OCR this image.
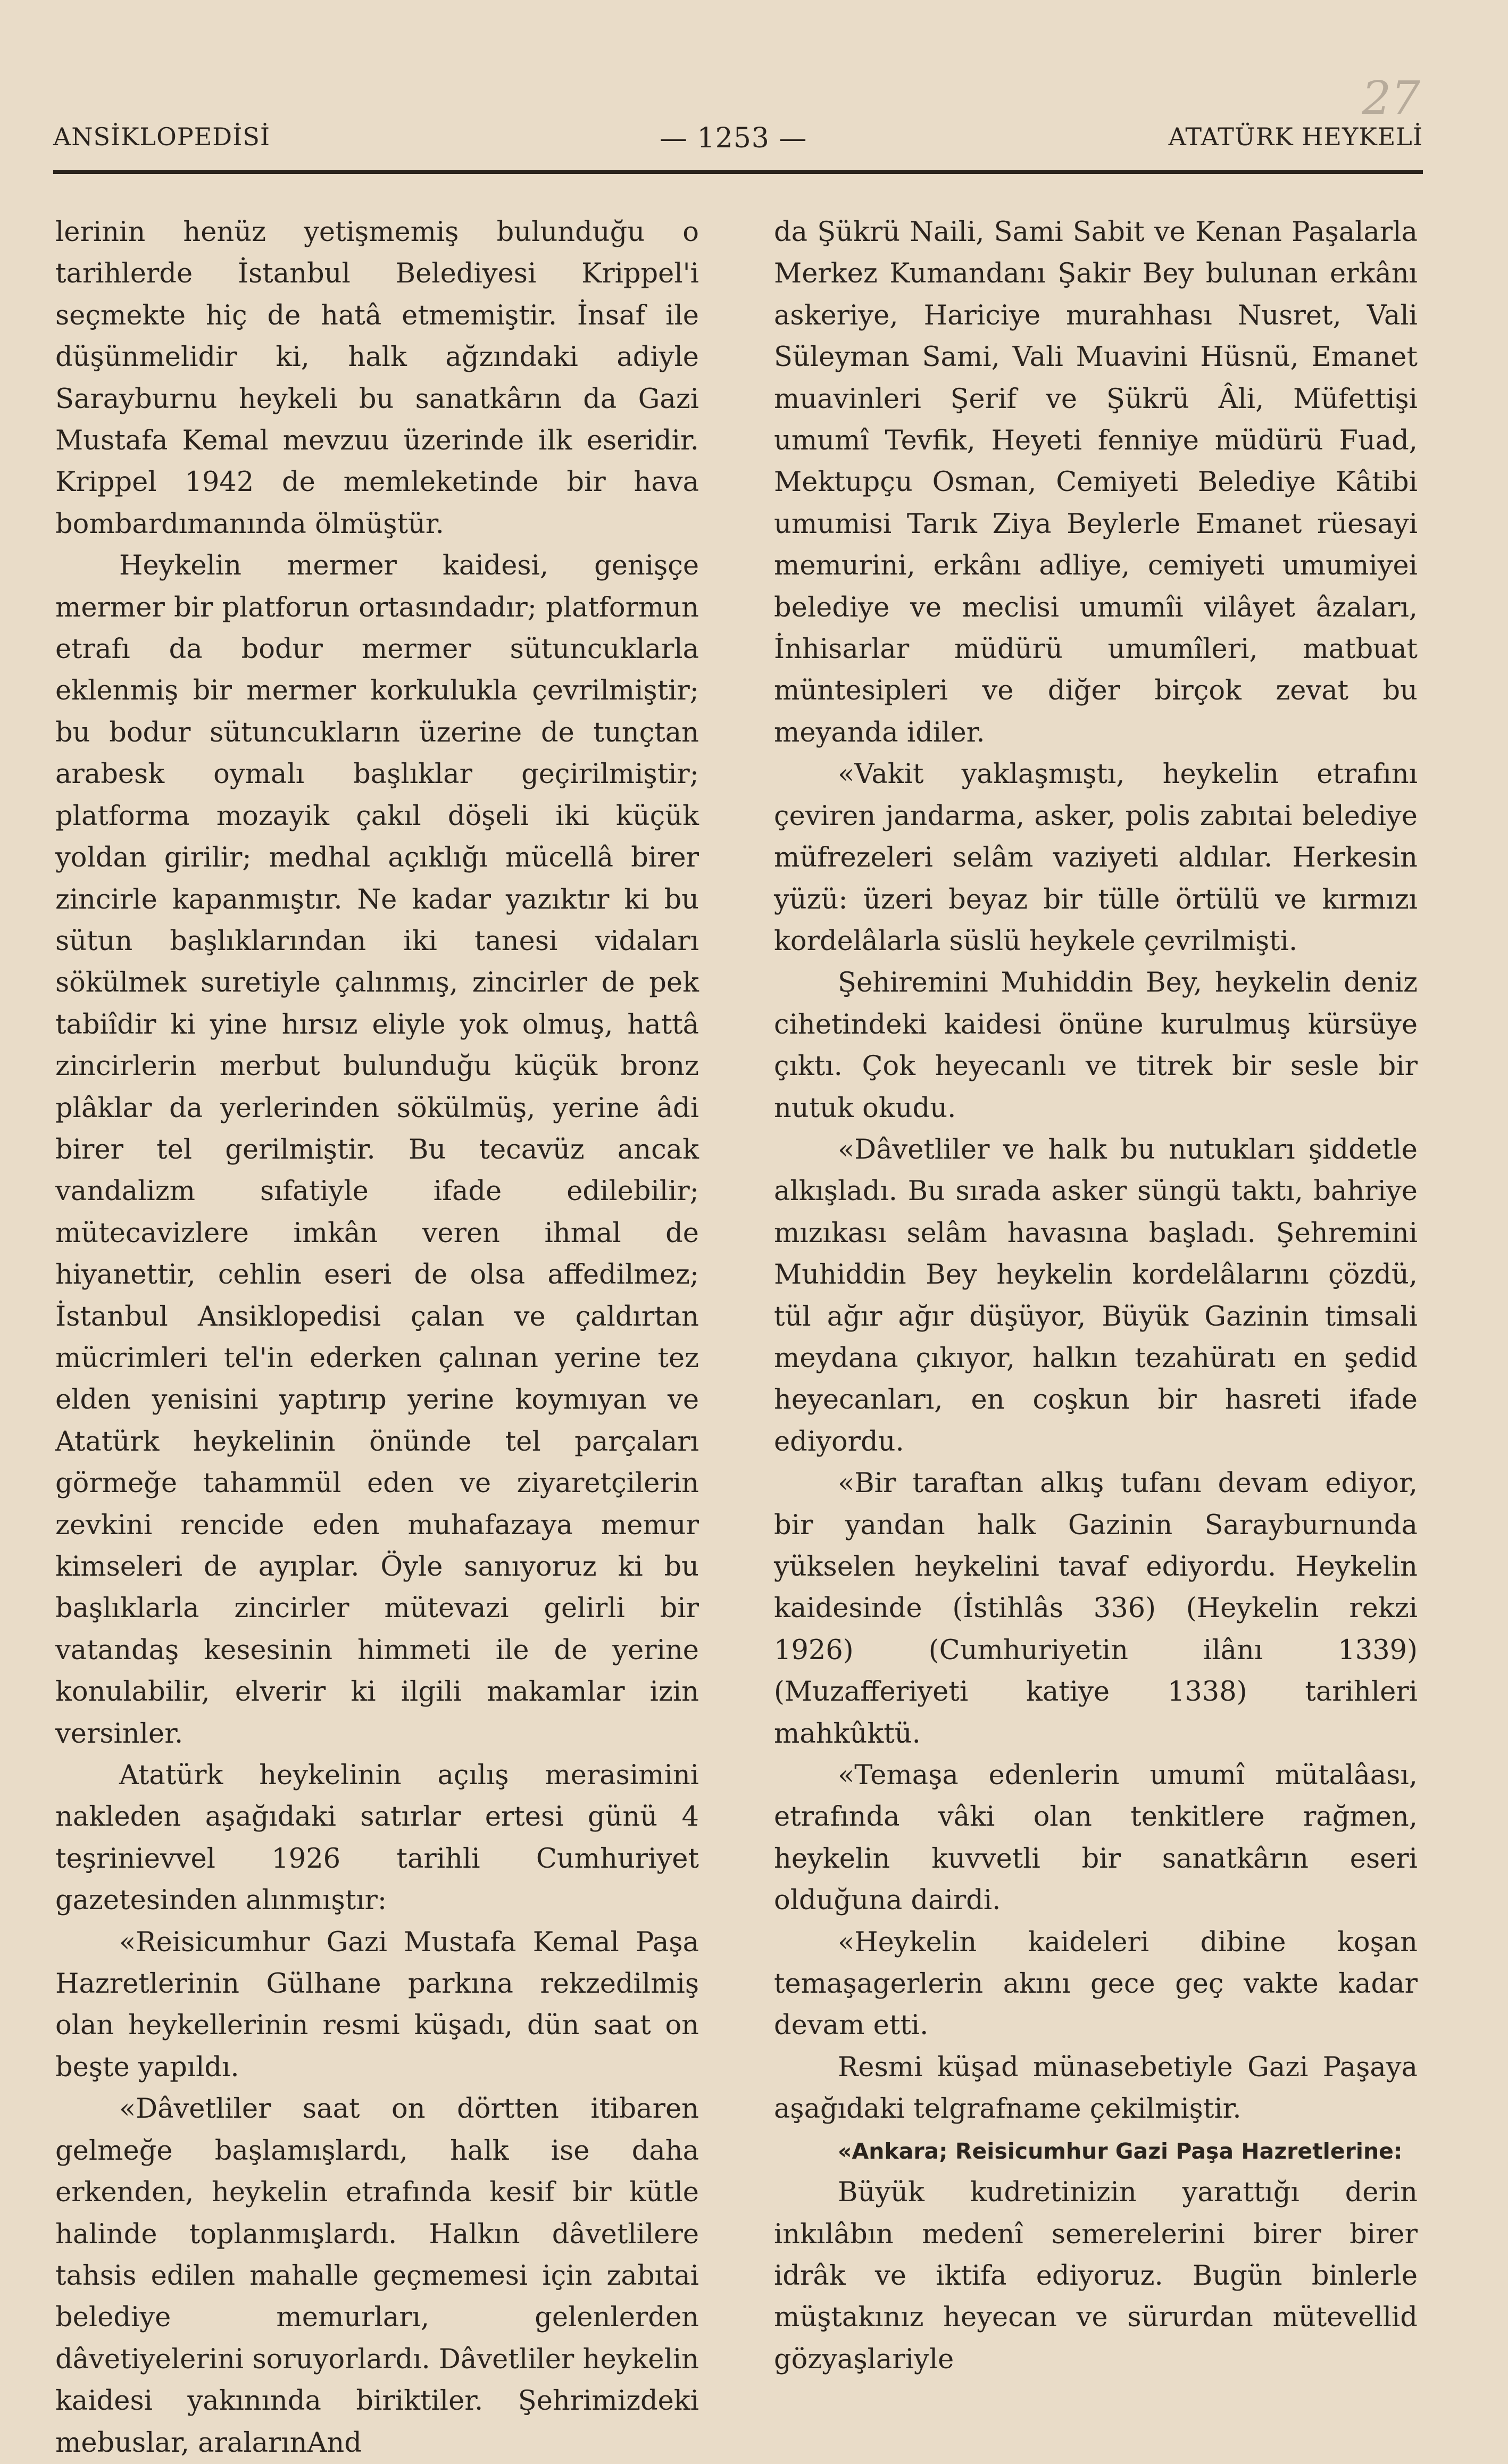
27
ANSİKLOPEDİSİ	— 1253 —	ATATÜRK HEYKELİ

lerinin henüz yetişmemiş bulunduğu o tarihlerde İstanbul Belediyesi Krippel'i seçmekte hiç de hatâ etmemiştir. İnsaf ile düşünmelidir ki, halk ağzındaki adiyle Sarayburnu heykeli bu sanatkârın da Gazi Mustafa Kemal mevzuu üzerinde ilk eseridir. Krippel 1942 de memleketinde bir hava bombardımanında ölmüştür.

Heykelin mermer kaidesi, genişçe mermer bir platforun ortasındadır; platformun etrafı da bodur mermer sütuncuklarla eklenmiş bir mermer korkulukla çevrilmiştir; bu bodur sütuncukların üzerine de tunçtan arabesk oymalı başlıklar geçirilmiştir; platforma mozayik çakıl döşeli iki küçük yoldan girilir; medhal açıklığı mücellâ birer zincirle kapanmıştır. Ne kadar yazıktır ki bu sütun başlıklarından iki tanesi vidaları sökülmek suretiyle çalınmış, zincirler de pek tabiîdir ki yine hırsız eliyle yok olmuş, hattâ zincirlerin merbut bulunduğu küçük bronz plâklar da yerlerinden sökülmüş, yerine âdi birer tel gerilmiştir. Bu tecavüz ancak vandalizm sıfatiyle ifade edilebilir; mütecavizlere imkân veren ihmal de hiyanettir, cehlin eseri de olsa affedilmez; İstanbul Ansiklopedisi çalan ve çaldırtan mücrimleri tel'in ederken çalınan yerine tez elden yenisini yaptırıp yerine koymıyan ve Atatürk heykelinin önünde tel parçaları görmeğe tahammül eden ve ziyaretçilerin zevkini rencide eden muhafazaya memur kimseleri de ayıplar. Öyle sanıyoruz ki bu başlıklarla zincirler mütevazi gelirli bir vatandaş kesesinin himmeti ile de yerine konulabilir, elverir ki ilgili makamlar izin versinler.

Atatürk heykelinin açılış merasimini nakleden aşağıdaki satırlar ertesi günü 4 teşrinievvel 1926 tarihli Cumhuriyet gazetesinden alınmıştır:

«Reisicumhur Gazi Mustafa Kemal Paşa Hazretlerinin Gülhane parkına rekzedilmiş olan heykellerinin resmi küşadı, dün saat on beşte yapıldı.

«Dâvetliler saat on dörtten itibaren gelmeğe başlamışlardı, halk ise daha erkenden, heykelin etrafında kesif bir kütle halinde toplanmışlardı. Halkın dâvetlilere tahsis edilen mahalle geçmemesi için zabıtai belediye memurları, gelenlerden dâvetiyelerini soruyorlardı. Dâvetliler heykelin kaidesi yakınında biriktiler. Şehrimizdeki mebuslar, aralarınAnd

da Şükrü Naili, Sami Sabit ve Kenan Paşalarla Merkez Kumandanı Şakir Bey bulunan erkânı askeriye, Hariciye murahhası Nusret, Vali Süleyman Sami, Vali Muavini Hüsnü, Emanet muavinleri Şerif ve Şükrü Âli, Müfettişi umumî Tevfik, Heyeti fenniye müdürü Fuad, Mektupçu Osman, Cemiyeti Belediye Kâtibi umumisi Tarık Ziya Beylerle Emanet rüesayi memurini, erkânı adliye, cemiyeti umumiyei belediye ve meclisi umumîi vilâyet âzaları, İnhisarlar müdürü umumîleri, matbuat müntesipleri ve diğer birçok zevat bu meyanda idiler.

«Vakit yaklaşmıştı, heykelin etrafını çeviren jandarma, asker, polis zabıtai belediye müfrezeleri selâm vaziyeti aldılar. Herkesin yüzü: üzeri beyaz bir tülle örtülü ve kırmızı kordelâlarla süslü heykele çevrilmişti.

Şehiremini Muhiddin Bey, heykelin deniz cihetindeki kaidesi önüne kurulmuş kürsüye çıktı. Çok heyecanlı ve titrek bir sesle bir nutuk okudu.

«Dâvetliler ve halk bu nutukları şiddetle alkışladı. Bu sırada asker süngü taktı, bahriye mızıkası selâm havasına başladı. Şehremini Muhiddin Bey heykelin kordelâlarını çözdü, tül ağır ağır düşüyor, Büyük Gazinin timsali meydana çıkıyor, halkın tezahüratı en şedid heyecanları, en coşkun bir hasreti ifade ediyordu.

«Bir taraftan alkış tufanı devam ediyor, bir yandan halk Gazinin Sarayburnunda yükselen heykelini tavaf ediyordu. Heykelin kaidesinde (İstihlâs 336) (Heykelin rekzi 1926) (Cumhuriyetin ilânı 1339) (Muzafferiyeti katiye 1338) tarihleri mahkûktü.

«Temaşa edenlerin umumî mütalâası, etrafında vâki olan tenkitlere rağmen, heykelin kuvvetli bir sanatkârın eseri olduğuna dairdi.

«Heykelin kaideleri dibine koşan temaşagerlerin akını gece geç vakte kadar devam etti.

Resmi küşad münasebetiyle Gazi Paşaya aşağıdaki telgrafname çekilmiştir.

«Ankara; Reisicumhur Gazi Paşa Hazretlerine:

Büyük kudretinizin yarattığı derin inkılâbın medenî semerelerini birer birer idrâk ve iktifa ediyoruz. Bugün binlerle müştakınız heyecan ve sürurdan mütevellid gözyaşlariyle
